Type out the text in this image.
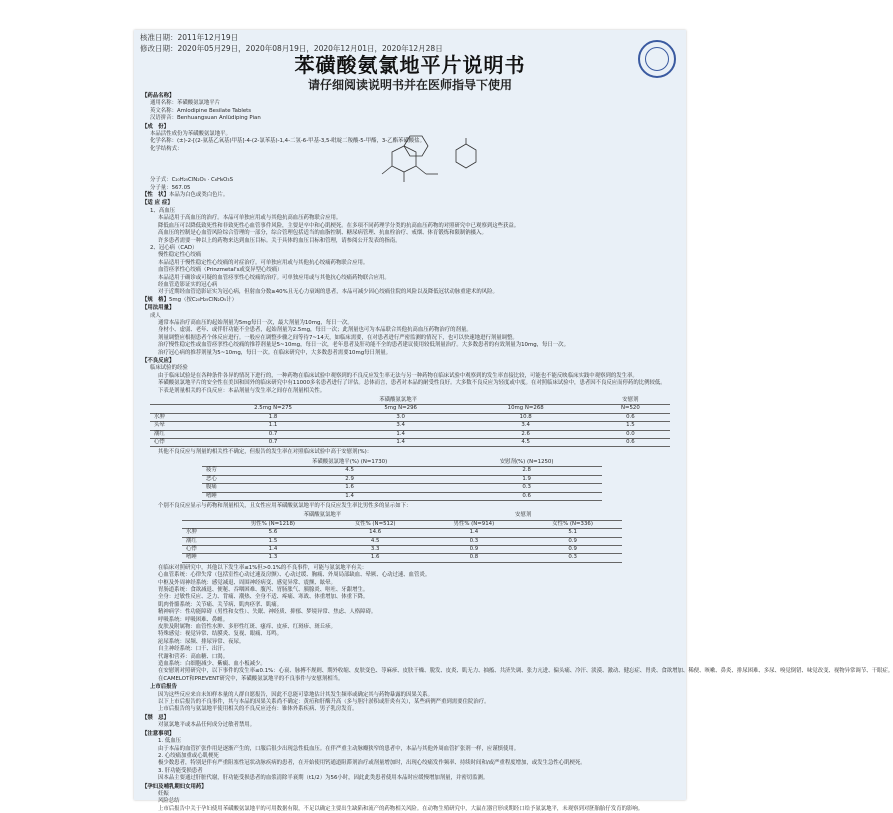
核准日期：2011年12月19日

修改日期：2020年05月29日，2020年08月19日，2020年12月01日，2020年12月28日

苯磺酸氨氯地平片说明书
请仔细阅读说明书并在医师指导下使用

【药品名称】

通用名称：苯磺酸氨氯地平片

英文名称：Amlodipine Besilate Tablets

汉语拼音：Benhuangsuan Anlüdiping Pian

【成　份】

本品活性成份为苯磺酸氨氯地平。

化学名称：(±)-2-[(2-氨基乙氧基)甲基]-4-(2-氯苯基)-1,4-二氢-6-甲基-3,5-吡啶二羧酸-5-甲酯，3-乙酯苯磺酸盐。

化学结构式：

分子式：C₂₀H₂₅ClN₂O₅ · C₆H₆O₃S

分子量：567.05

【性　状】本品为白色或类白色片。

【适 应 症】

1、高血压

本品适用于高血压的治疗。本品可单独应用或与其他抗高血压药物联合应用。

降低血压可以降低致死性和非致死性心血管事件风险，主要是卒中和心肌梗死。在多项不同药理学分类的抗高血压药物的对照研究中已观察到这些获益。

高血压的控制是心血管风险综合管理的一部分，综合管理包括适当的血脂控制、糖尿病管理、抗血栓治疗、戒烟、体育锻炼和限制钠摄入。

许多患者需要一种以上的药物来达到血压目标。关于具体的血压目标和管理，请参阅公开发表的指南。

2、冠心病（CAD）

慢性稳定性心绞痛

本品适用于慢性稳定性心绞痛的对症治疗。可单独应用或与其他抗心绞痛药物联合应用。

血管痉挛性心绞痛（Prinzmetal's或变异型心绞痛）

本品适用于确诊或可疑的血管痉挛性心绞痛的治疗。可单独应用或与其他抗心绞痛药物联合应用。

经血管造影证实的冠心病

对于近期经血管造影证实为冠心病，但射血分数≥40%且无心力衰竭的患者，本品可减少因心绞痛住院的风险以及降低冠状动脉重建术的风险。

【规　格】5mg（按C₂₀H₂₅ClN₂O₅计）

【用法用量】

成人

通常本品治疗高血压的起始剂量为5mg每日一次，最大剂量为10mg，每日一次。

身材小、虚弱、老年、或伴肝功能不全患者，起始剂量为2.5mg，每日一次；此剂量也可为本品联合其他抗高血压药物治疗的剂量。

剂量调整应根据患者个体反应进行。一般应在调整步骤之间等待7~14天，如临床需要，在对患者进行严密监测的情况下，也可以快速地进行剂量调整。

治疗慢性稳定性或血管痉挛性心绞痛的推荐剂量是5~10mg，每日一次，老年患者及肝功能不全的患者建议使用较低剂量治疗。大多数患者的有效剂量为10mg，每日一次。

治疗冠心病的推荐剂量为5~10mg，每日一次。在临床研究中，大多数患者需要10mg每日剂量。

【不良反应】

临床试验的经验

由于临床试验是在各种条件各异的情况下进行的，一种药物在临床试验中观察到的不良反应发生率无法与另一种药物在临床试验中观察到的发生率直接比较，可能也不能反映临床实践中观察到的发生率。

苯磺酸氨氯地平片的安全性在美国和国外的临床研究中有11000多名患者进行了评估。总体而言，患者对本品的耐受性良好。大多数不良反应为轻度或中度。在对照临床试验中，患者因不良反应而停药的比例较低。

下表是剂量相关的不良反应：本品剂量与发生率之间存在剂量相关性。

	苯磺酸氨氯地平			安慰剂
	2.5mg N=275	5mg N=296	10mg N=268	N=520
水肿	1.8	3.0	10.8	0.6
头晕	1.1	3.4	3.4	1.5
潮红	0.7	1.4	2.6	0.0
心悸	0.7	1.4	4.5	0.6

其他不良反应与剂量的相关性不确定，但报告的发生率在对照临床试验中高于安慰剂(%)：

	苯磺酸氨氯地平(%) (N=1730)	安慰剂(%) (N=1250)
疲劳	4.5	2.8
恶心	2.9	1.9
腹痛	1.6	0.3
嗜睡	1.4	0.6

个别不良反应显示与药物和剂量相关，且女性应用苯磺酸氨氯地平的不良反应发生率比男性多的显示如下：

	苯磺酸氨氯地平		安慰剂	
	男性% (N=1218)	女性% (N=512)	男性% (N=914)	女性% (N=336)
水肿	5.6	14.6	1.4	5.1
潮红	1.5	4.5	0.3	0.9
心悸	1.4	3.3	0.9	0.9
嗜睡	1.3	1.6	0.8	0.3

在临床对照研究中，其他以下发生率≤1%但>0.1%的不良事件，可能与氨氯地平有关：

心血管系统：心律失常（包括室性心动过速及房颤）、心动过缓、胸痛、外周局部缺血、晕厥、心动过速、血管炎。

中枢及外周神经系统：感觉减退、周围神经病变、感觉异常、震颤、眩晕。

胃肠道系统：食欲减退、便秘、吞咽困难、腹泻、胃肠胀气、胰腺炎、呕吐、牙龈增生。

全身：过敏性反应、乏力、背痛、潮热、全身不适、疼痛、寒战、体重增加、体重下降。

肌肉骨骼系统：关节痛、关节病、肌肉痉挛、肌痛。

精神病学：性功能障碍（男性和女性）、失眠、神经质、抑郁、梦境异常、焦虑、人格障碍。

呼吸系统：呼吸困难、鼻衄。

皮肤及附属物：血管性水肿、多形性红斑、瘙痒、皮疹、红斑疹、斑丘疹。

特殊感觉：视觉异常、结膜炎、复视、眼痛、耳鸣。

泌尿系统：尿频、排尿异常、夜尿。

自主神经系统：口干、出汗。

代谢和营养：高血糖、口渴。

造血系统：白细胞减少、紫癜、血小板减少。

在安慰剂对照研究中，以下事件的发生率≤0.1%：心衰、脉搏不规则、期外收缩、皮肤变色、荨麻疹、皮肤干燥、脱发、皮炎、肌无力、抽搐、共济失调、张力亢进、偏头痛、冷汗、淡漠、激动、健忘症、胃炎、食欲增加、稀便、咳嗽、鼻炎、排尿困难、多尿、嗅觉倒错、味觉改变、视物异常调节、干眼症。

在CAMELOT和PREVENT研究中，苯磺酸氨氯地平的不良事件与安慰剂相当。

上市后报告

因为这些反应来自未知样本量的人群自愿报告，因此不总能可靠地估计其发生频率或确定其与药物暴露的因果关系。

以下上市后报告的不良事件，其与本品的因果关系尚不确定：黄疸和肝酶升高（多与胆汁淤积或肝炎有关），某些病例严重到需要住院治疗。

上市后报告的与氨氯地平使用相关的不良反应还有：锥体外系疾病、男子乳房发育。

【禁　忌】

对氨氯地平或本品任何成分过敏者禁用。

【注意事项】

1. 低血压

由于本品的血管扩张作用是逐渐产生的，口服后很少出现急性低血压。在伴严重主动脉瓣狭窄的患者中，本品与其他外周血管扩张剂一样，应谨慎使用。

2. 心绞痛加重或心肌梗死

极少数患者，特别是伴有严重阻塞性冠状动脉疾病的患者，在开始使用钙通道阻滞剂治疗或剂量增加时，出现心绞痛发作频率、持续时间和/或严重程度增加，或发生急性心肌梗死。

3. 肝功能受损患者

因本品主要通过肝脏代谢，肝功能受损患者的血浆清除半衰期（t1/2）为56小时，因此此类患者使用本品时应缓慢增加剂量，并密切监测。

【孕妇及哺乳期妇女用药】

妊娠

风险总结

上市后报告中关于孕妇使用苯磺酸氨氯地平的可用数据有限，不足以确定主要出生缺陷和流产的药物相关风险。在动物生殖研究中，大鼠在器官形成期经口给予氨氯地平，未观察到对胚胎胎仔发育的影响。
